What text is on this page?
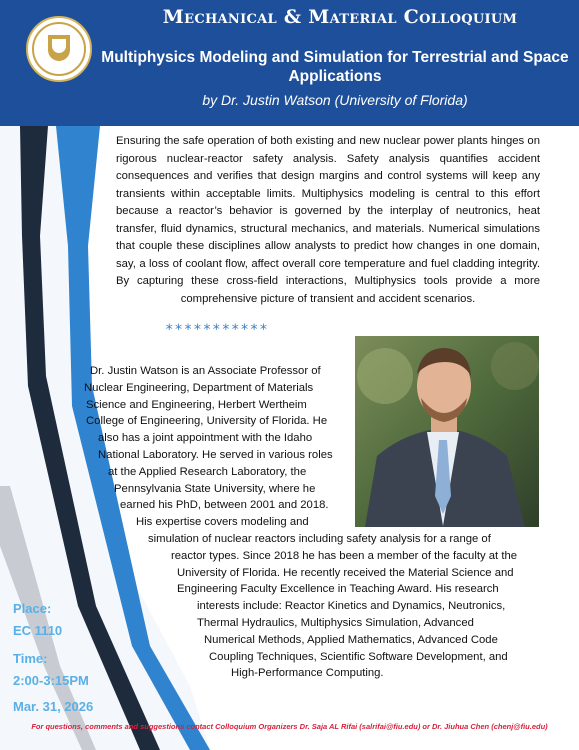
Mechanical & Material Colloquium
Multiphysics Modeling and Simulation for Terrestrial and Space Applications
by Dr. Justin Watson (University of Florida)
Ensuring the safe operation of both existing and new nuclear power plants hinges on rigorous nuclear-reactor safety analysis. Safety analysis quantifies accident consequences and verifies that design margins and control systems will keep any transients within acceptable limits. Multiphysics modeling is central to this effort because a reactor’s behavior is governed by the interplay of neutronics, heat transfer, fluid dynamics, structural mechanics, and materials. Numerical simulations that couple these disciplines allow analysts to predict how changes in one domain, say, a loss of coolant flow, affect overall core temperature and fuel cladding integrity. By capturing these cross-field interactions, Multiphysics tools provide a more comprehensive picture of transient and accident scenarios.
***********
Dr. Justin Watson is an Associate Professor of
Nuclear Engineering, Department of Materials
Science and Engineering, Herbert Wertheim
College of Engineering, University of Florida. He
also has a joint appointment with the Idaho
National Laboratory. He served in various roles
at the Applied Research Laboratory, the
Pennsylvania State University, where he
earned his PhD, between 2001 and 2018.
His expertise covers modeling and
simulation of nuclear reactors including safety analysis for a range of
reactor types. Since 2018 he has been a member of the faculty at the
University of Florida. He recently received the Material Science and
Engineering Faculty Excellence in Teaching Award. His research
interests include: Reactor Kinetics and Dynamics, Neutronics,
Thermal Hydraulics, Multiphysics Simulation, Advanced
Numerical Methods, Applied Mathematics, Advanced Code
Coupling Techniques, Scientific Software Development, and
High-Performance Computing.
Place:
EC 1110
Time:
2:00-3:15PM
Mar. 31, 2026
For questions, comments and suggestions contact Colloquium Organizers Dr. Saja AL Rifai (salrifai@fiu.edu) or Dr. Jiuhua Chen (chenj@fiu.edu)
